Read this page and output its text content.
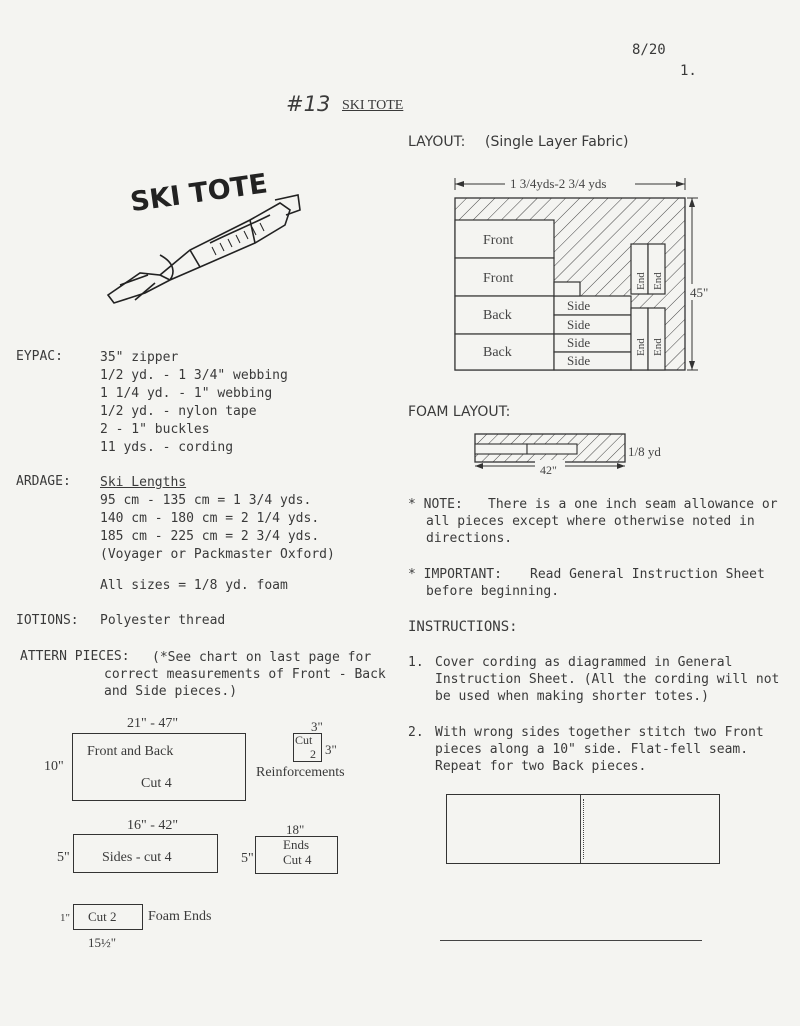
8/20
1.
#13 SKI TOTE
SKI TOTE
EYPAC:	35" zipper
1/2 yd. - 1 3/4" webbing
1 1/4 yd. - 1" webbing
1/2 yd. - nylon tape
2 - 1" buckles
11 yds. - cording
ARDAGE: Ski Lengths
95 cm - 135 cm = 1 3/4 yds.
140 cm - 180 cm = 2 1/4 yds.
185 cm - 225 cm = 2 3/4 yds.
(Voyager or Packmaster Oxford)
All sizes = 1/8 yd. foam
IOTIONS: Polyester thread
ATTERN PIECES: (*See chart on last page for
correct measurements of Front - Back
and Side pieces.)
21" - 47"
10"
Front and Back
Cut 4
3"
Cut
2 3"
Reinforcements
16" - 42"
5" Sides - cut 4
18"
5"
Ends
Cut 4
1" Cut 2 Foam Ends
15½"
LAYOUT: (Single Layer Fabric)
1 3/4yds-2 3/4 yds
Front
Front
Back
Back
Side
Side
Side
Side
End End
End End
45"
FOAM LAYOUT:
42"
1/8 yd
* NOTE:	There is a one inch seam allowance or
all pieces except where otherwise noted in
directions.
* IMPORTANT:	Read General Instruction Sheet
before beginning.
INSTRUCTIONS:
1. Cover cording as diagrammed in General
Instruction Sheet. (All the cording will not
be used when making shorter totes.)
2. With wrong sides together stitch two Front
pieces along a 10" side. Flat-fell seam.
Repeat for two Back pieces.
